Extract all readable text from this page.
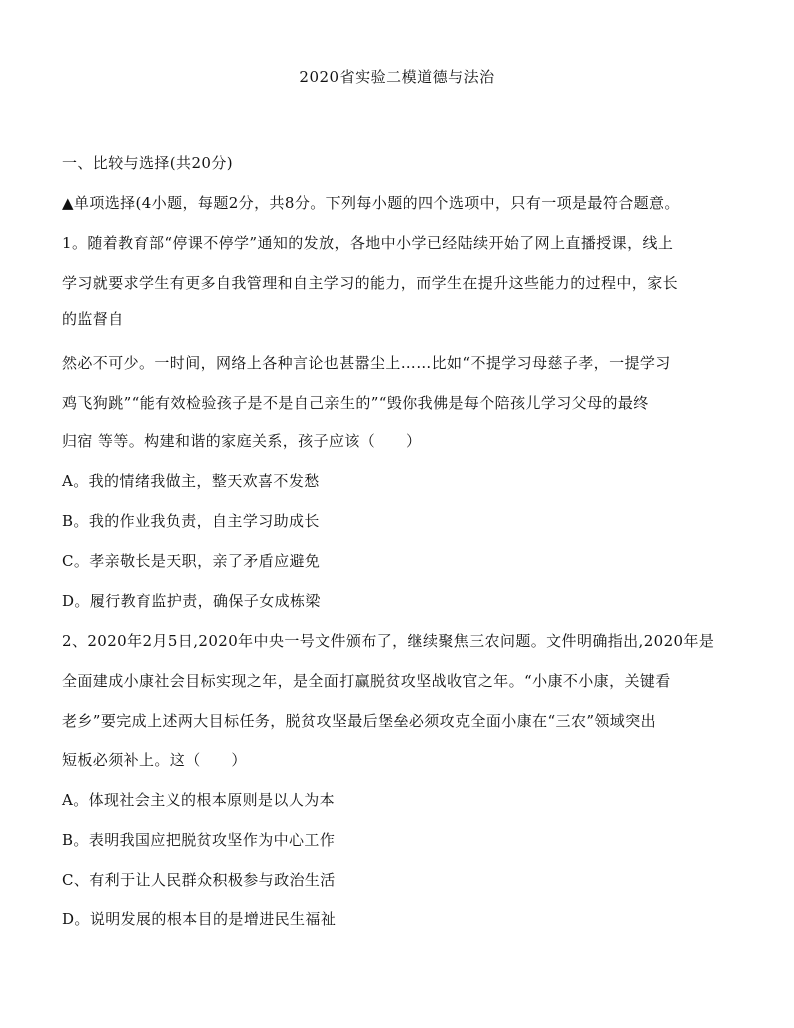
2020省实验二模道德与法治
一、比较与选择(共20分)
▲单项选择(4小题，每题2分，共8分。下列每小题的四个选项中，只有一项是最符合题意。
1。随着教育部“停课不停学”通知的发放，各地中小学已经陆续开始了网上直播授课，线上
学习就要求学生有更多自我管理和自主学习的能力，而学生在提升这些能力的过程中，家长
的监督自
然必不可少。一时间，网络上各种言论也甚嚣尘上……比如“不提学习母慈子孝，一提学习
鸡飞狗跳”“能有效检验孩子是不是自己亲生的”“毁你我佛是每个陪孩儿学习父母的最终
归宿 等等。构建和谐的家庭关系，孩子应该（　　）
A。我的情绪我做主，整天欢喜不发愁
B。我的作业我负责，自主学习助成长
C。孝亲敬长是天职，亲了矛盾应避免
D。履行教育监护责，确保子女成栋梁
2、2020年2月5日,2020年中央一号文件颁布了，继续聚焦三农问题。文件明确指出,2020年是
全面建成小康社会目标实现之年，是全面打赢脱贫攻坚战收官之年。“小康不小康，关键看
老乡”要完成上述两大目标任务，脱贫攻坚最后堡垒必须攻克全面小康在“三农”领域突出
短板必须补上。这（　　）
A。体现社会主义的根本原则是以人为本
B。表明我国应把脱贫攻坚作为中心工作
C、有利于让人民群众积极参与政治生活
D。说明发展的根本目的是增进民生福祉
